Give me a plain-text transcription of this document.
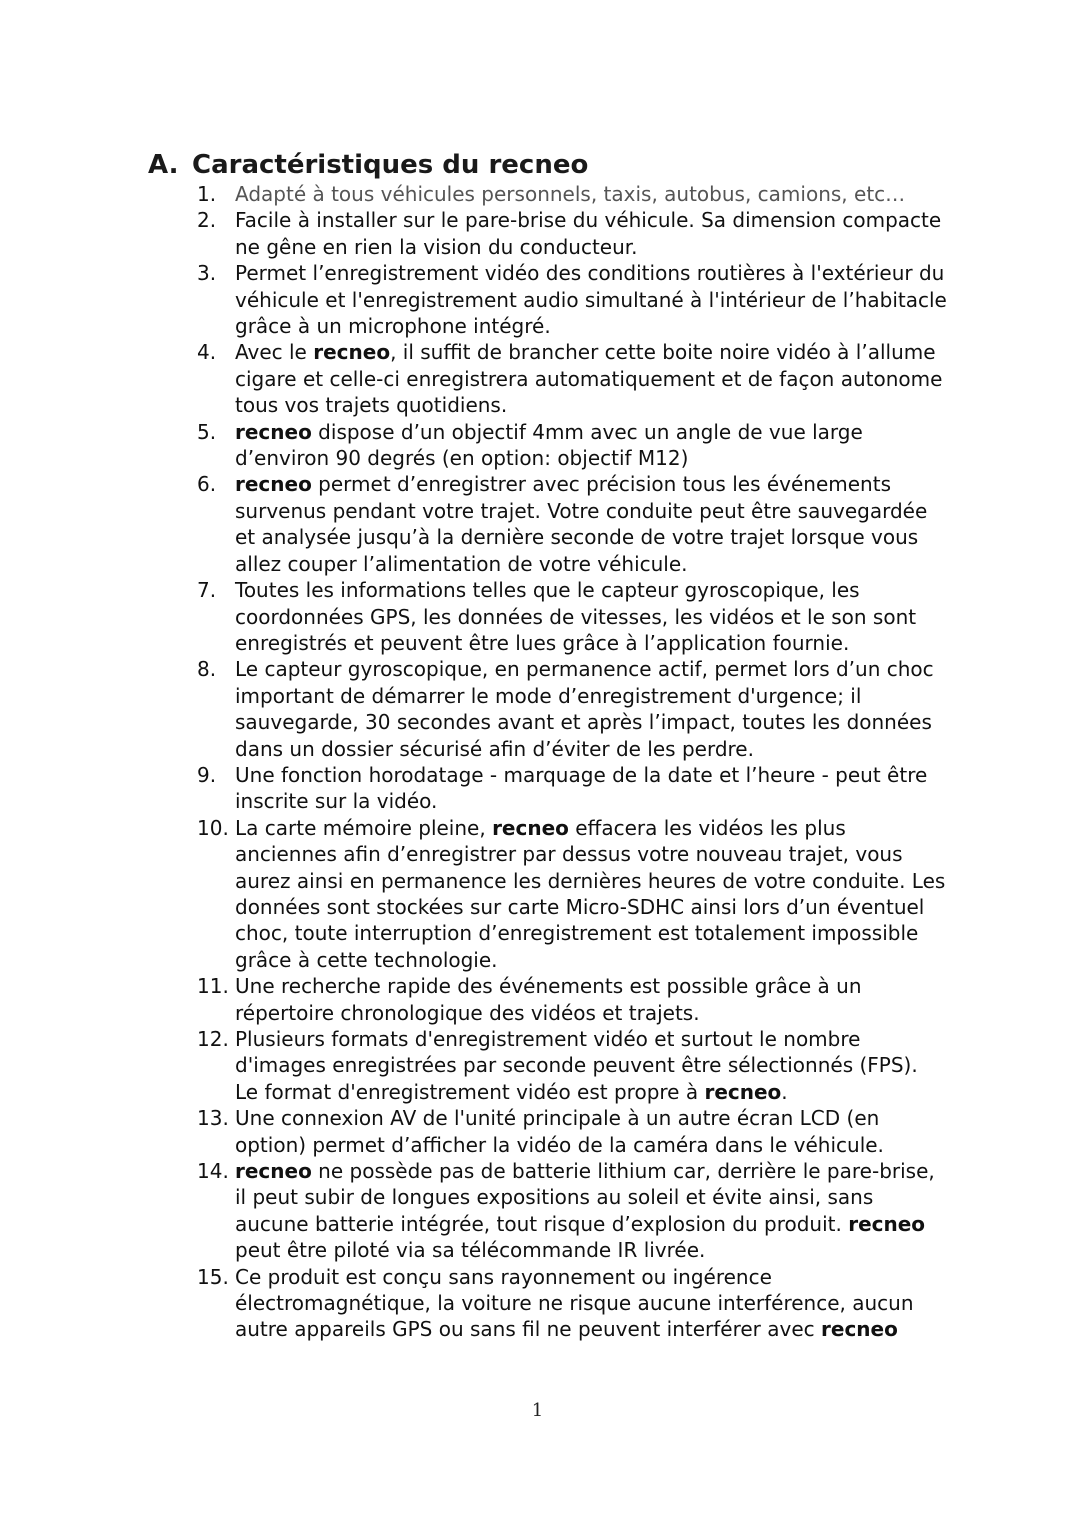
A. Caractéristiques du recneo
1. Adapté à tous véhicules personnels, taxis, autobus, camions, etc…
2. Facile à installer sur le pare-brise du véhicule. Sa dimension compacte ne gêne en rien la vision du conducteur.
3. Permet l’enregistrement vidéo des conditions routières à l'extérieur du véhicule et l'enregistrement audio simultané à l'intérieur de l’habitacle grâce à un microphone intégré.
4. Avec le recneo, il suffit de brancher cette boite noire vidéo à l’allume cigare et celle-ci enregistrera automatiquement et de façon autonome tous vos trajets quotidiens.
5. recneo dispose d’un objectif 4mm avec un angle de vue large d’environ 90 degrés (en option: objectif M12)
6. recneo permet d’enregistrer avec précision tous les événements survenus pendant votre trajet. Votre conduite peut être sauvegardée et analysée jusqu’à la dernière seconde de votre trajet lorsque vous allez couper l’alimentation de votre véhicule.
7. Toutes les informations telles que le capteur gyroscopique, les coordonnées GPS, les données de vitesses, les vidéos et le son sont enregistrés et peuvent être lues grâce à l’application fournie.
8. Le capteur gyroscopique, en permanence actif, permet lors d’un choc important de démarrer le mode d’enregistrement d'urgence; il sauvegarde, 30 secondes avant et après l’impact, toutes les données dans un dossier sécurisé afin d’éviter de les perdre.
9. Une fonction horodatage - marquage de la date et l’heure - peut être inscrite sur la vidéo.
10. La carte mémoire pleine, recneo effacera les vidéos les plus anciennes afin d’enregistrer par dessus votre nouveau trajet, vous aurez ainsi en permanence les dernières heures de votre conduite. Les données sont stockées sur carte Micro-SDHC ainsi lors d’un éventuel choc, toute interruption d’enregistrement est totalement impossible grâce à cette technologie.
11. Une recherche rapide des événements est possible grâce à un répertoire chronologique des vidéos et trajets.
12. Plusieurs formats d'enregistrement vidéo et surtout le nombre d'images enregistrées par seconde peuvent être sélectionnés (FPS). Le format d'enregistrement vidéo est propre à recneo.
13. Une connexion AV de l'unité principale à un autre écran LCD (en option) permet d’afficher la vidéo de la caméra dans le véhicule.
14. recneo ne possède pas de batterie lithium car, derrière le pare-brise, il peut subir de longues expositions au soleil et évite ainsi, sans aucune batterie intégrée, tout risque d’explosion du produit. recneo peut être piloté via sa télécommande IR livrée.
15. Ce produit est conçu sans rayonnement ou ingérence électromagnétique, la voiture ne risque aucune interférence, aucun autre appareils GPS ou sans fil ne peuvent interférer avec recneo
1
